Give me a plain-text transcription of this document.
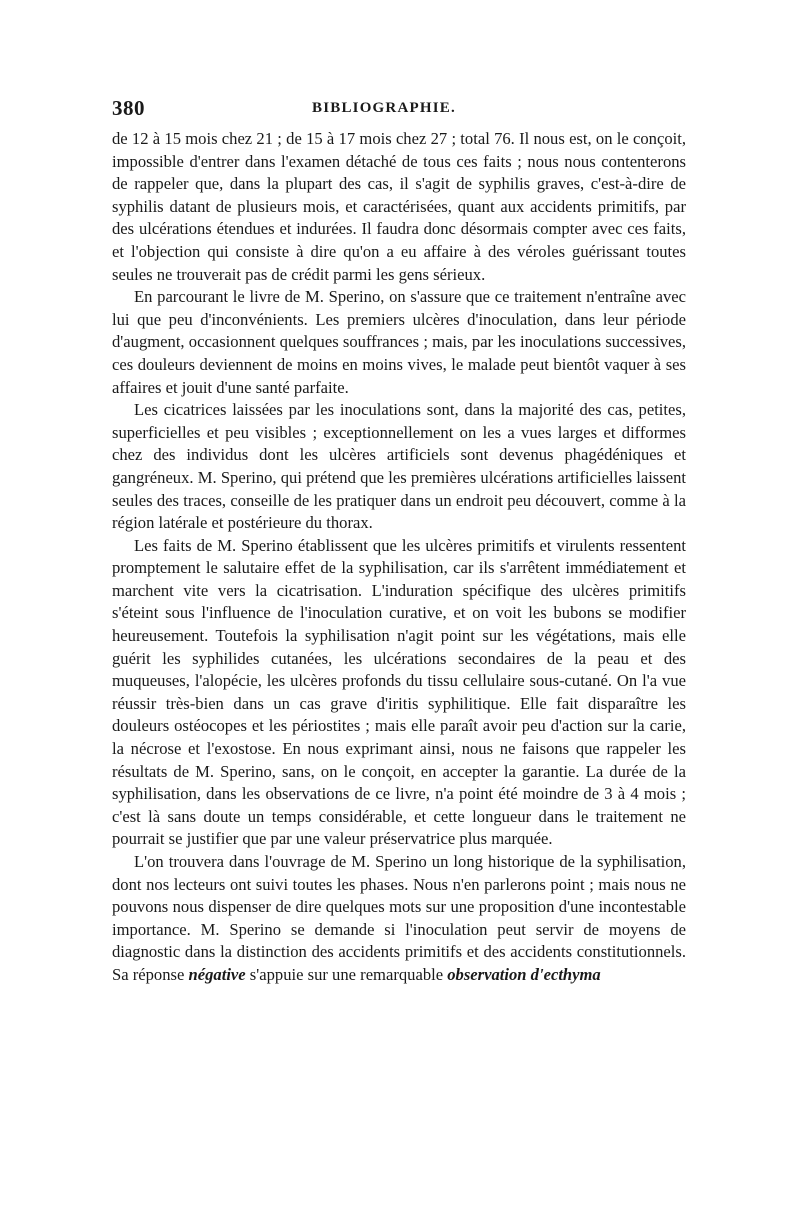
380	BIBLIOGRAPHIE.

de 12 à 15 mois chez 21 ; de 15 à 17 mois chez 27 ; total 76. Il nous est, on le conçoit, impossible d'entrer dans l'examen détaché de tous ces faits ; nous nous contenterons de rappeler que, dans la plupart des cas, il s'agit de syphilis graves, c'est-à-dire de syphilis datant de plusieurs mois, et caractérisées, quant aux accidents primitifs, par des ulcérations étendues et indurées. Il faudra donc désormais compter avec ces faits, et l'objection qui consiste à dire qu'on a eu affaire à des véroles guérissant toutes seules ne trouverait pas de crédit parmi les gens sérieux.

En parcourant le livre de M. Sperino, on s'assure que ce traitement n'entraîne avec lui que peu d'inconvénients. Les premiers ulcères d'inoculation, dans leur période d'augment, occasionnent quelques souffrances ; mais, par les inoculations successives, ces douleurs deviennent de moins en moins vives, le malade peut bientôt vaquer à ses affaires et jouit d'une santé parfaite.

Les cicatrices laissées par les inoculations sont, dans la majorité des cas, petites, superficielles et peu visibles ; exceptionnellement on les a vues larges et difformes chez des individus dont les ulcères artificiels sont devenus phagédéniques et gangréneux. M. Sperino, qui prétend que les premières ulcérations artificielles laissent seules des traces, conseille de les pratiquer dans un endroit peu découvert, comme à la région latérale et postérieure du thorax.

Les faits de M. Sperino établissent que les ulcères primitifs et virulents ressentent promptement le salutaire effet de la syphilisation, car ils s'arrêtent immédiatement et marchent vite vers la cicatrisation. L'induration spécifique des ulcères primitifs s'éteint sous l'influence de l'inoculation curative, et on voit les bubons se modifier heureusement. Toutefois la syphilisation n'agit point sur les végétations, mais elle guérit les syphilides cutanées, les ulcérations secondaires de la peau et des muqueuses, l'alopécie, les ulcères profonds du tissu cellulaire sous-cutané. On l'a vue réussir très-bien dans un cas grave d'iritis syphilitique. Elle fait disparaître les douleurs ostéocopes et les périostites ; mais elle paraît avoir peu d'action sur la carie, la nécrose et l'exostose. En nous exprimant ainsi, nous ne faisons que rappeler les résultats de M. Sperino, sans, on le conçoit, en accepter la garantie. La durée de la syphilisation, dans les observations de ce livre, n'a point été moindre de 3 à 4 mois ; c'est là sans doute un temps considérable, et cette longueur dans le traitement ne pourrait se justifier que par une valeur préservatrice plus marquée.

L'on trouvera dans l'ouvrage de M. Sperino un long historique de la syphilisation, dont nos lecteurs ont suivi toutes les phases. Nous n'en parlerons point ; mais nous ne pouvons nous dispenser de dire quelques mots sur une proposition d'une incontestable importance. M. Sperino se demande si l'inoculation peut servir de moyens de diagnostic dans la distinction des accidents primitifs et des accidents constitutionnels. Sa réponse négative s'appuie sur une remarquable observation d'ecthyma
